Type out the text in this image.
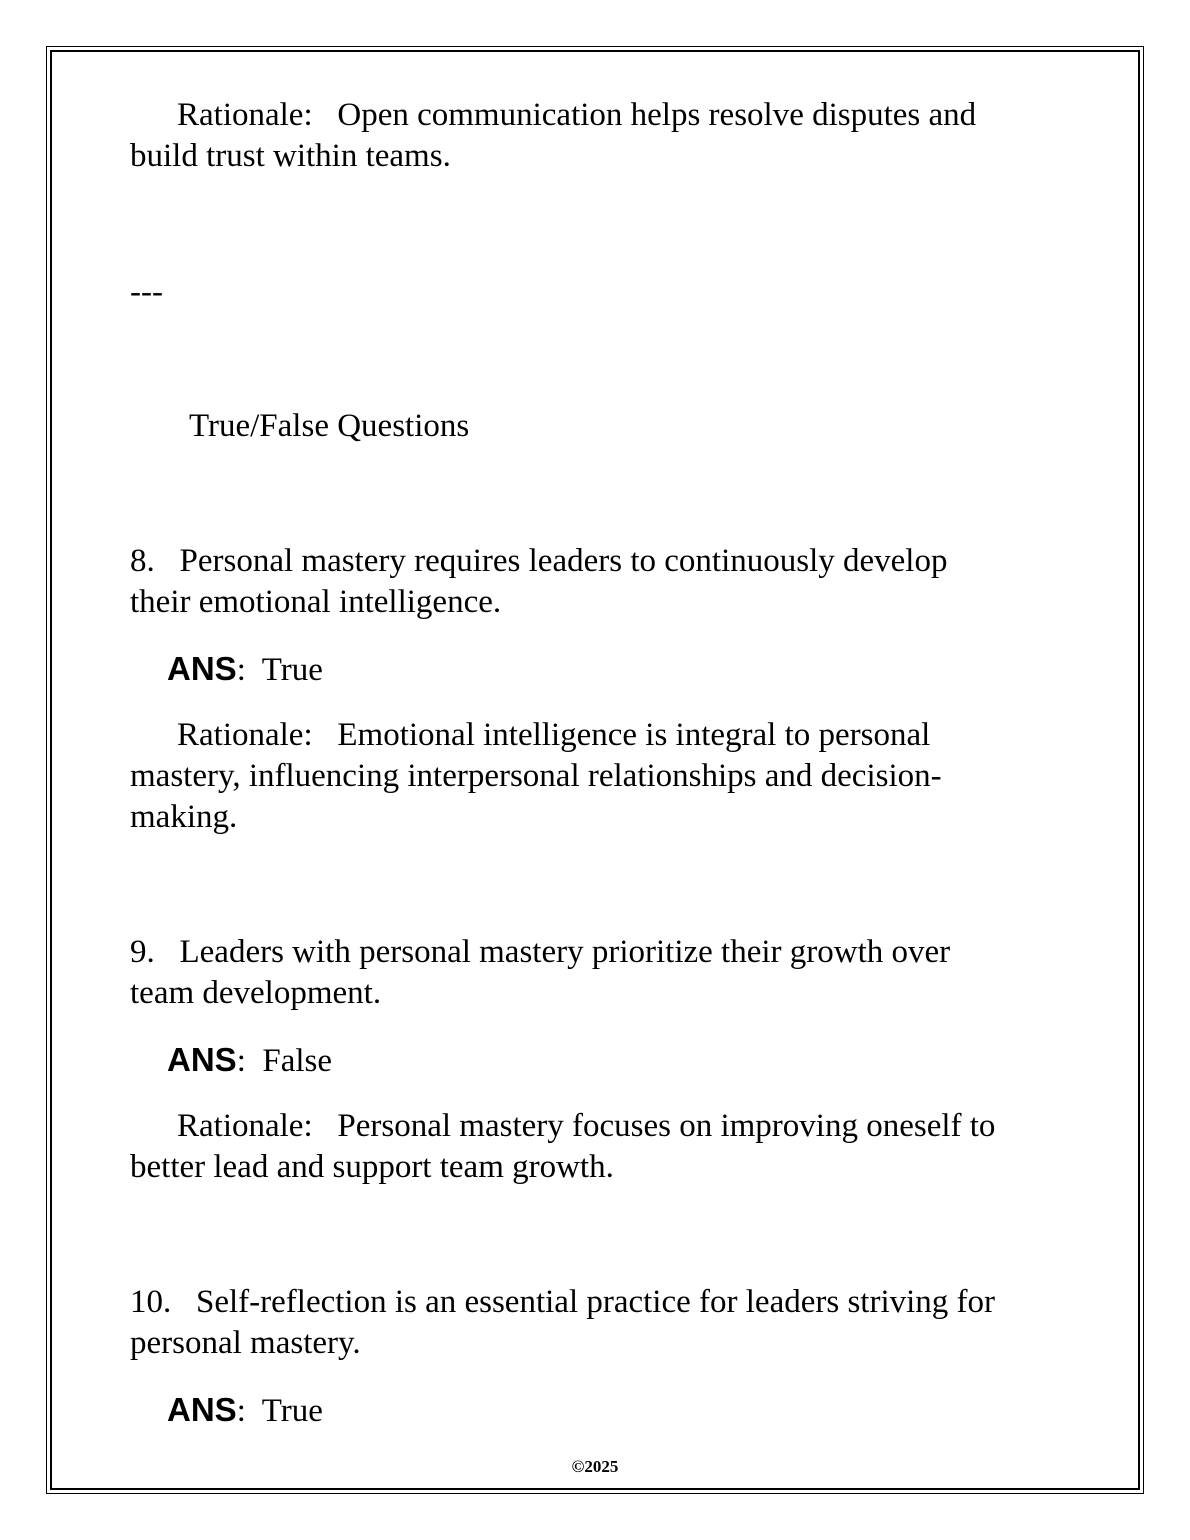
Rationale: Open communication helps resolve disputes and

build trust within teams.

---

True/False Questions

8. Personal mastery requires leaders to continuously develop

their emotional intelligence.

ANS:  True

Rationale: Emotional intelligence is integral to personal

mastery, influencing interpersonal relationships and decision-

making.

9. Leaders with personal mastery prioritize their growth over

team development.

ANS:  False

Rationale: Personal mastery focuses on improving oneself to

better lead and support team growth.

10. Self-reflection is an essential practice for leaders striving for

personal mastery.

ANS:  True

©2025
